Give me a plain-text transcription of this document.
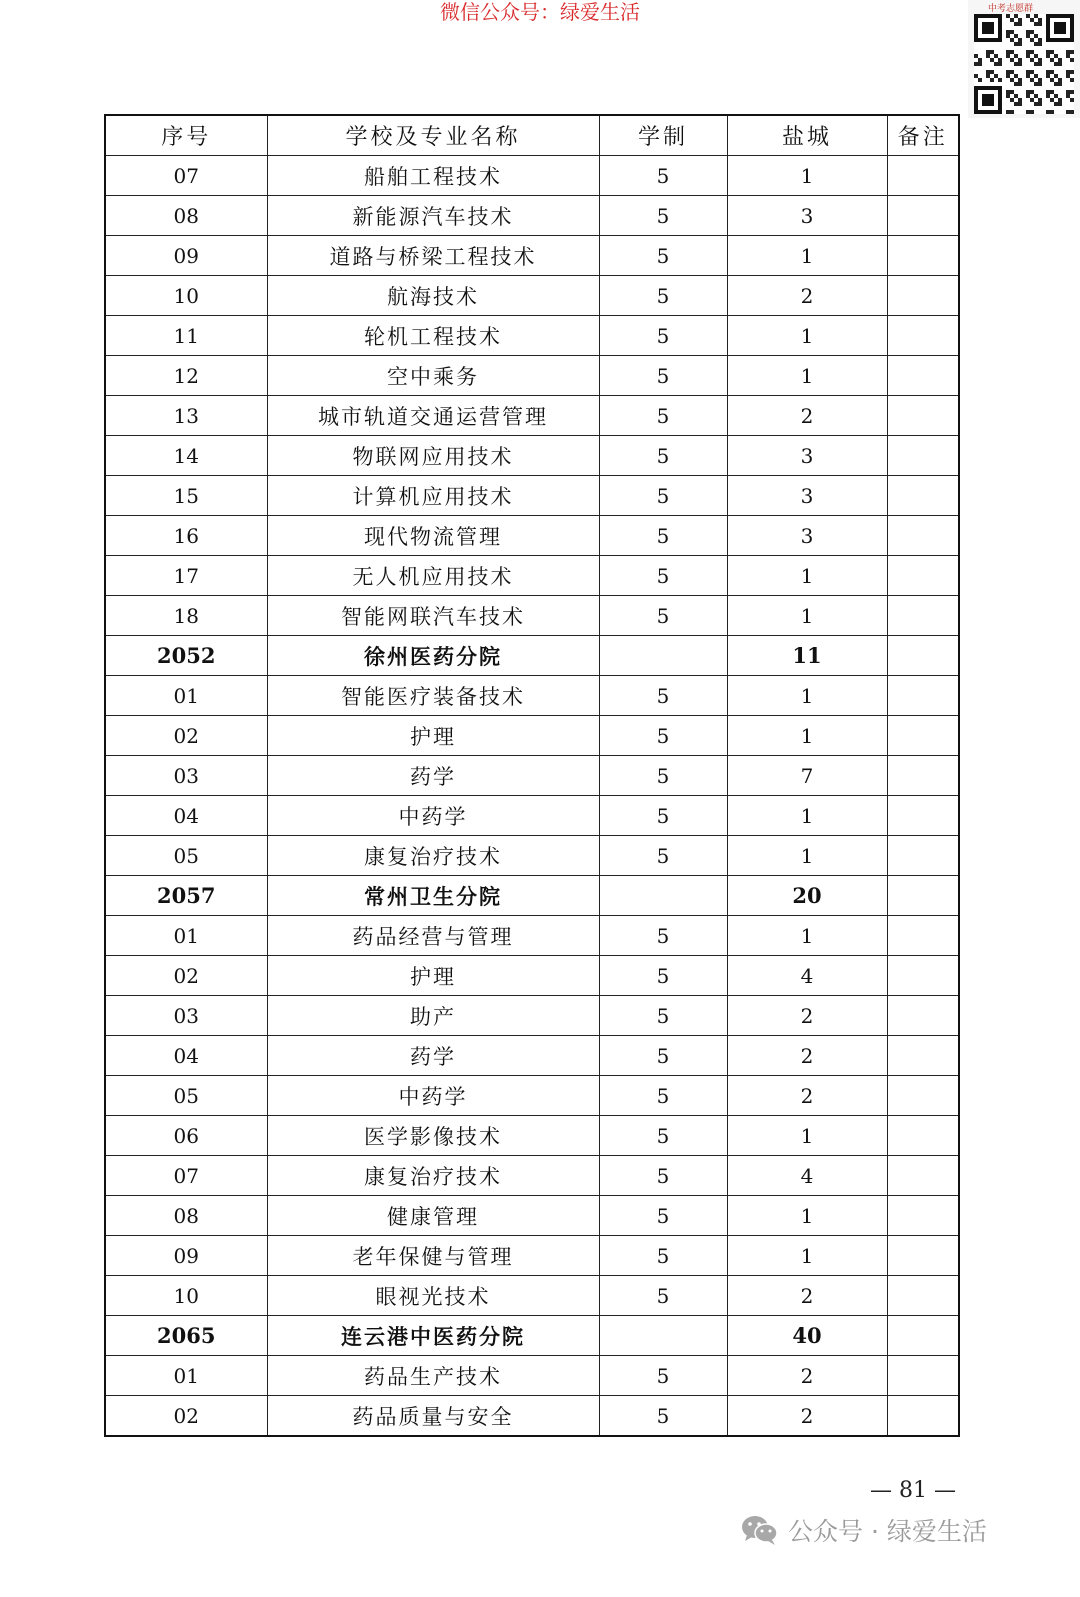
微信公众号：绿爱生活	中考志愿群
序号	学校及专业名称	学制	盐城	备注
07	船舶工程技术	5	1	
08	新能源汽车技术	5	3	
09	道路与桥梁工程技术	5	1	
10	航海技术	5	2	
11	轮机工程技术	5	1	
12	空中乘务	5	1	
13	城市轨道交通运营管理	5	2	
14	物联网应用技术	5	3	
15	计算机应用技术	5	3	
16	现代物流管理	5	3	
17	无人机应用技术	5	1	
18	智能网联汽车技术	5	1	
2052	徐州医药分院		11	
01	智能医疗装备技术	5	1	
02	护理	5	1	
03	药学	5	7	
04	中药学	5	1	
05	康复治疗技术	5	1	
2057	常州卫生分院		20	
01	药品经营与管理	5	1	
02	护理	5	4	
03	助产	5	2	
04	药学	5	2	
05	中药学	5	2	
06	医学影像技术	5	1	
07	康复治疗技术	5	4	
08	健康管理	5	1	
09	老年保健与管理	5	1	
10	眼视光技术	5	2	
2065	连云港中医药分院		40	
01	药品生产技术	5	2	
02	药品质量与安全	5	2	
— 81 —
公众号 · 绿爱生活
